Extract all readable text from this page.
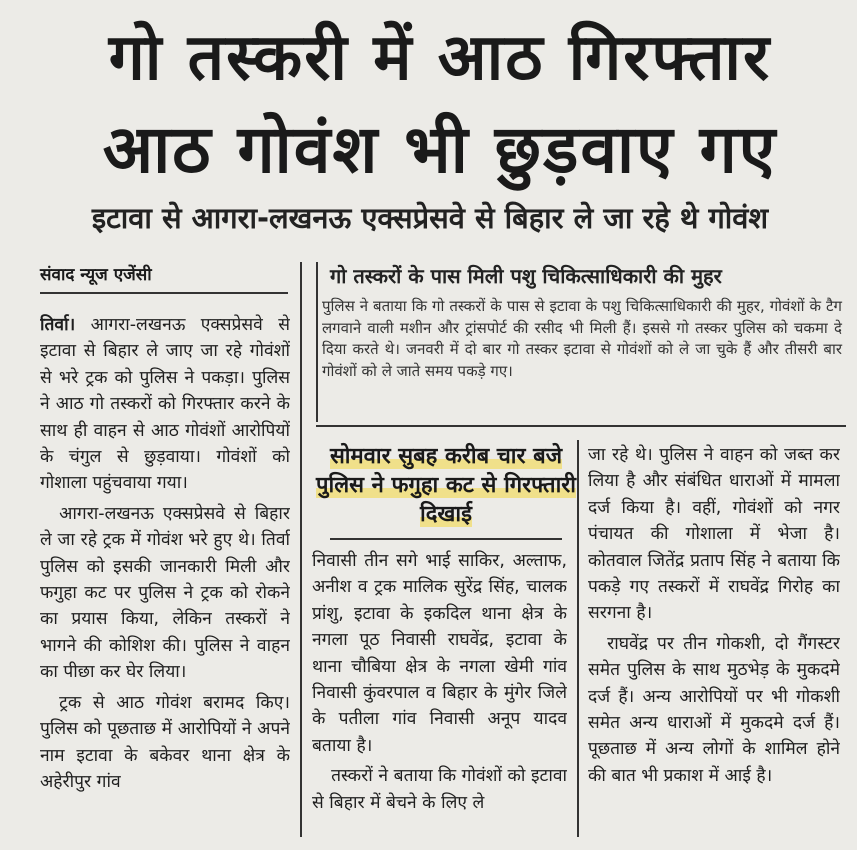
गो तस्करी में आठ गिरफ्तार
आठ गोवंश भी छुड़वाए गए
इटावा से आगरा-लखनऊ एक्सप्रेसवे से बिहार ले जा रहे थे गोवंश
संवाद न्यूज एजेंसी	गो तस्करों के पास मिली पशु चिकित्साधिकारी की मुहर
पुलिस ने बताया कि गो तस्करों के पास से इटावा के पशु चिकित्साधिकारी की मुहर, गोवंशों के टैग लगवाने वाली मशीन और ट्रांसपोर्ट की रसीद भी मिली हैं। इससे गो तस्कर पुलिस को चकमा दे दिया करते थे। जनवरी में दो बार गो तस्कर इटावा से गोवंशों को ले जा चुके हैं और तीसरी बार गोवंशों को ले जाते समय पकड़े गए।
सोमवार सुबह करीब चार बजे पुलिस ने फगुहा कट से गिरफ्तारी दिखाई

तिर्वा। आगरा-लखनऊ एक्सप्रेसवे से इटावा से बिहार ले जाए जा रहे गोवंशों से भरे ट्रक को पुलिस ने पकड़ा। पुलिस ने आठ गो तस्करों को गिरफ्तार करने के साथ ही वाहन से आठ गोवंशों आरोपियों के चंगुल से छुड़वाया। गोवंशों को गोशाला पहुंचवाया गया।

आगरा-लखनऊ एक्सप्रेसवे से बिहार ले जा रहे ट्रक में गोवंश भरे हुए थे। तिर्वा पुलिस को इसकी जानकारी मिली और फगुहा कट पर पुलिस ने ट्रक को रोकने का प्रयास किया, लेकिन तस्करों ने भागने की कोशिश की। पुलिस ने वाहन का पीछा कर घेर लिया।

ट्रक से आठ गोवंश बरामद किए। पुलिस को पूछताछ में आरोपियों ने अपने नाम इटावा के बकेवर थाना क्षेत्र के अहेरीपुर गांव

निवासी तीन सगे भाई साकिर, अल्ताफ, अनीश व ट्रक मालिक सुरेंद्र सिंह, चालक प्रांशु, इटावा के इकदिल थाना क्षेत्र के नगला पूठ निवासी राघवेंद्र, इटावा के थाना चौबिया क्षेत्र के नगला खेमी गांव निवासी कुंवरपाल व बिहार के मुंगेर जिले के पतीला गांव निवासी अनूप यादव बताया है।

तस्करों ने बताया कि गोवंशों को इटावा से बिहार में बेचने के लिए ले

जा रहे थे। पुलिस ने वाहन को जब्त कर लिया है और संबंधित धाराओं में मामला दर्ज किया है। वहीं, गोवंशों को नगर पंचायत की गोशाला में भेजा है। कोतवाल जितेंद्र प्रताप सिंह ने बताया कि पकड़े गए तस्करों में राघवेंद्र गिरोह का सरगना है।

राघवेंद्र पर तीन गोकशी, दो गैंगस्टर समेत पुलिस के साथ मुठभेड़ के मुकदमे दर्ज हैं। अन्य आरोपियों पर भी गोकशी समेत अन्य धाराओं में मुकदमे दर्ज हैं। पूछताछ में अन्य लोगों के शामिल होने की बात भी प्रकाश में आई है।
